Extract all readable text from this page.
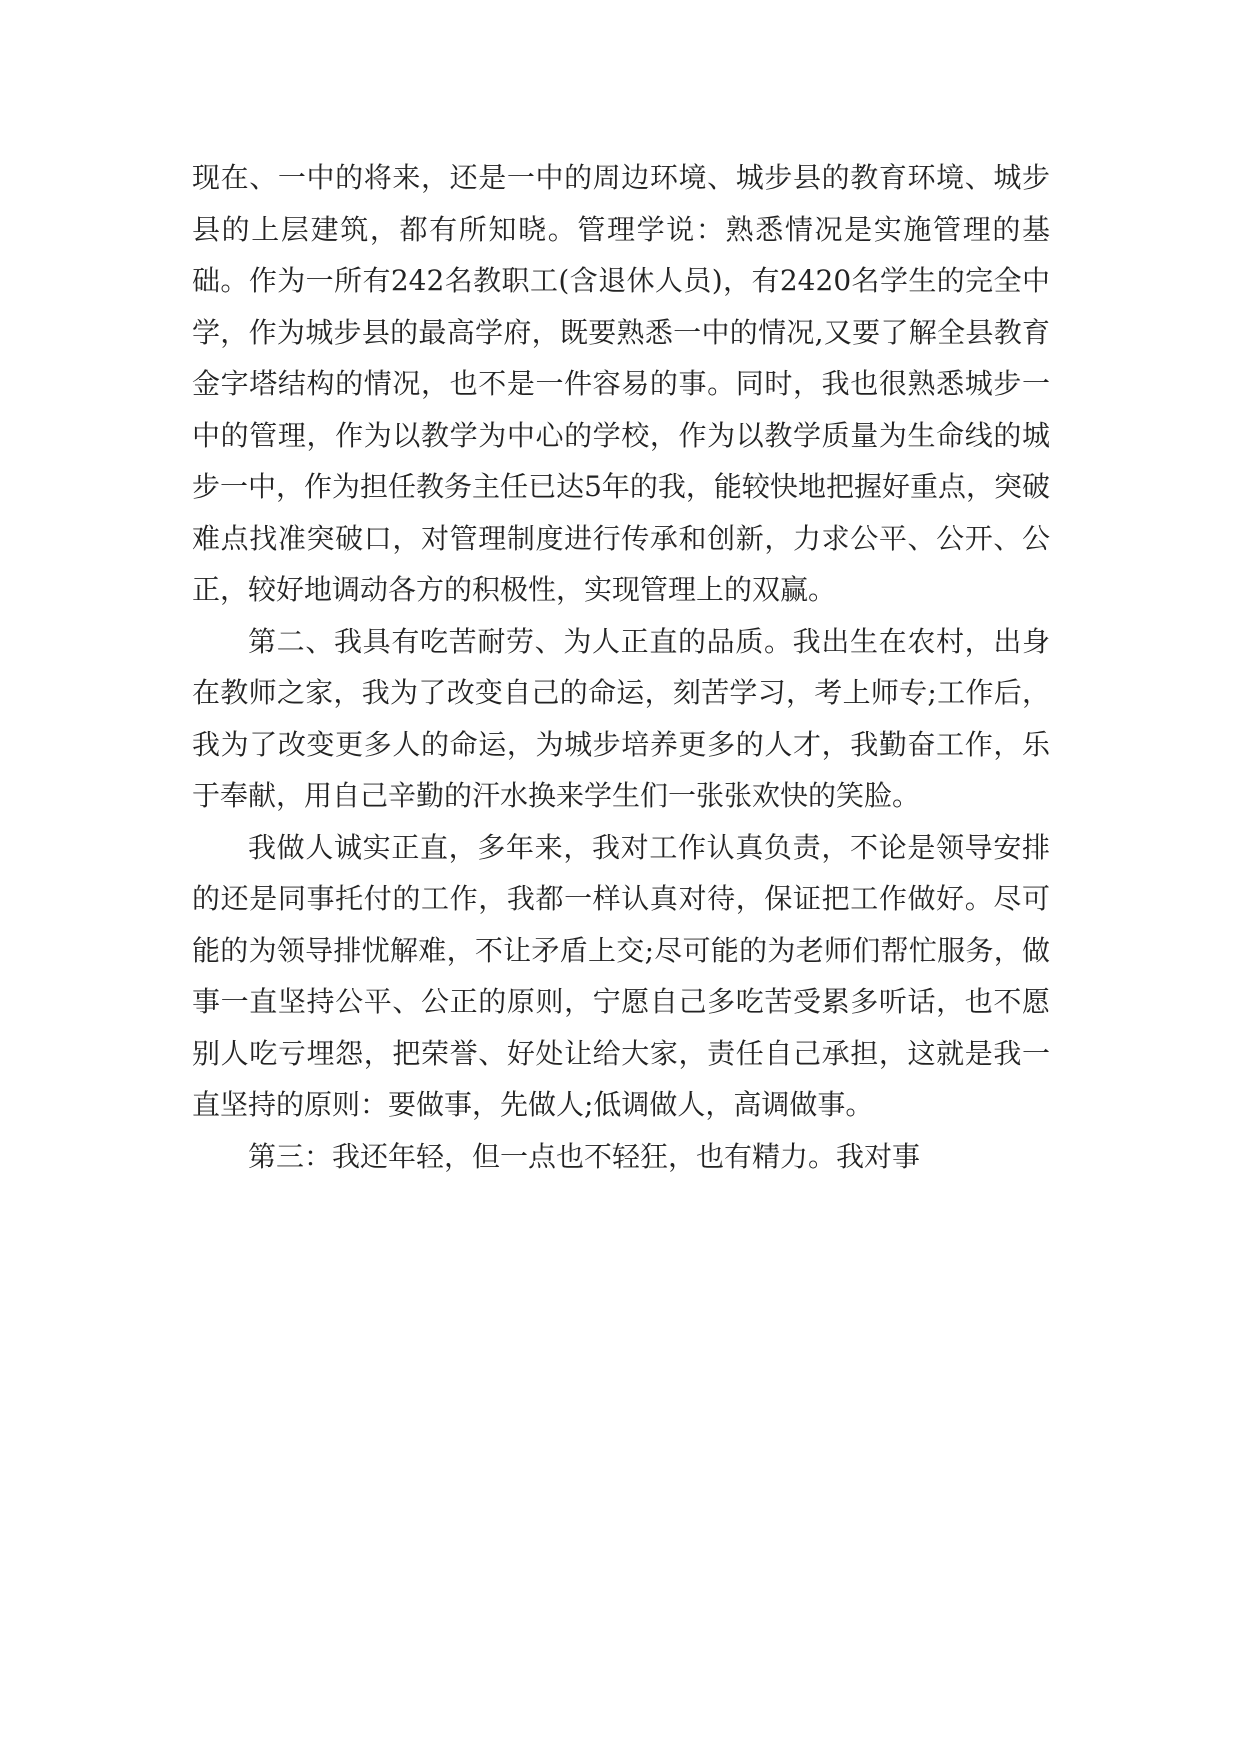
现在、一中的将来，还是一中的周边环境、城步县的教育环境、城步县的上层建筑，都有所知晓。管理学说：熟悉情况是实施管理的基础。作为一所有242名教职工(含退休人员)，有2420名学生的完全中学，作为城步县的最高学府，既要熟悉一中的情况,又要了解全县教育金字塔结构的情况，也不是一件容易的事。同时，我也很熟悉城步一中的管理，作为以教学为中心的学校，作为以教学质量为生命线的城步一中，作为担任教务主任已达5年的我，能较快地把握好重点，突破难点找准突破口，对管理制度进行传承和创新，力求公平、公开、公正，较好地调动各方的积极性，实现管理上的双赢。

第二、我具有吃苦耐劳、为人正直的品质。我出生在农村，出身在教师之家，我为了改变自己的命运，刻苦学习，考上师专;工作后，我为了改变更多人的命运，为城步培养更多的人才，我勤奋工作，乐于奉献，用自己辛勤的汗水换来学生们一张张欢快的笑脸。

我做人诚实正直，多年来，我对工作认真负责，不论是领导安排的还是同事托付的工作，我都一样认真对待，保证把工作做好。尽可能的为领导排忧解难，不让矛盾上交;尽可能的为老师们帮忙服务，做事一直坚持公平、公正的原则，宁愿自己多吃苦受累多听话，也不愿别人吃亏埋怨，把荣誉、好处让给大家，责任自己承担，这就是我一直坚持的原则：要做事，先做人;低调做人，高调做事。

第三：我还年轻，但一点也不轻狂，也有精力。我对事
